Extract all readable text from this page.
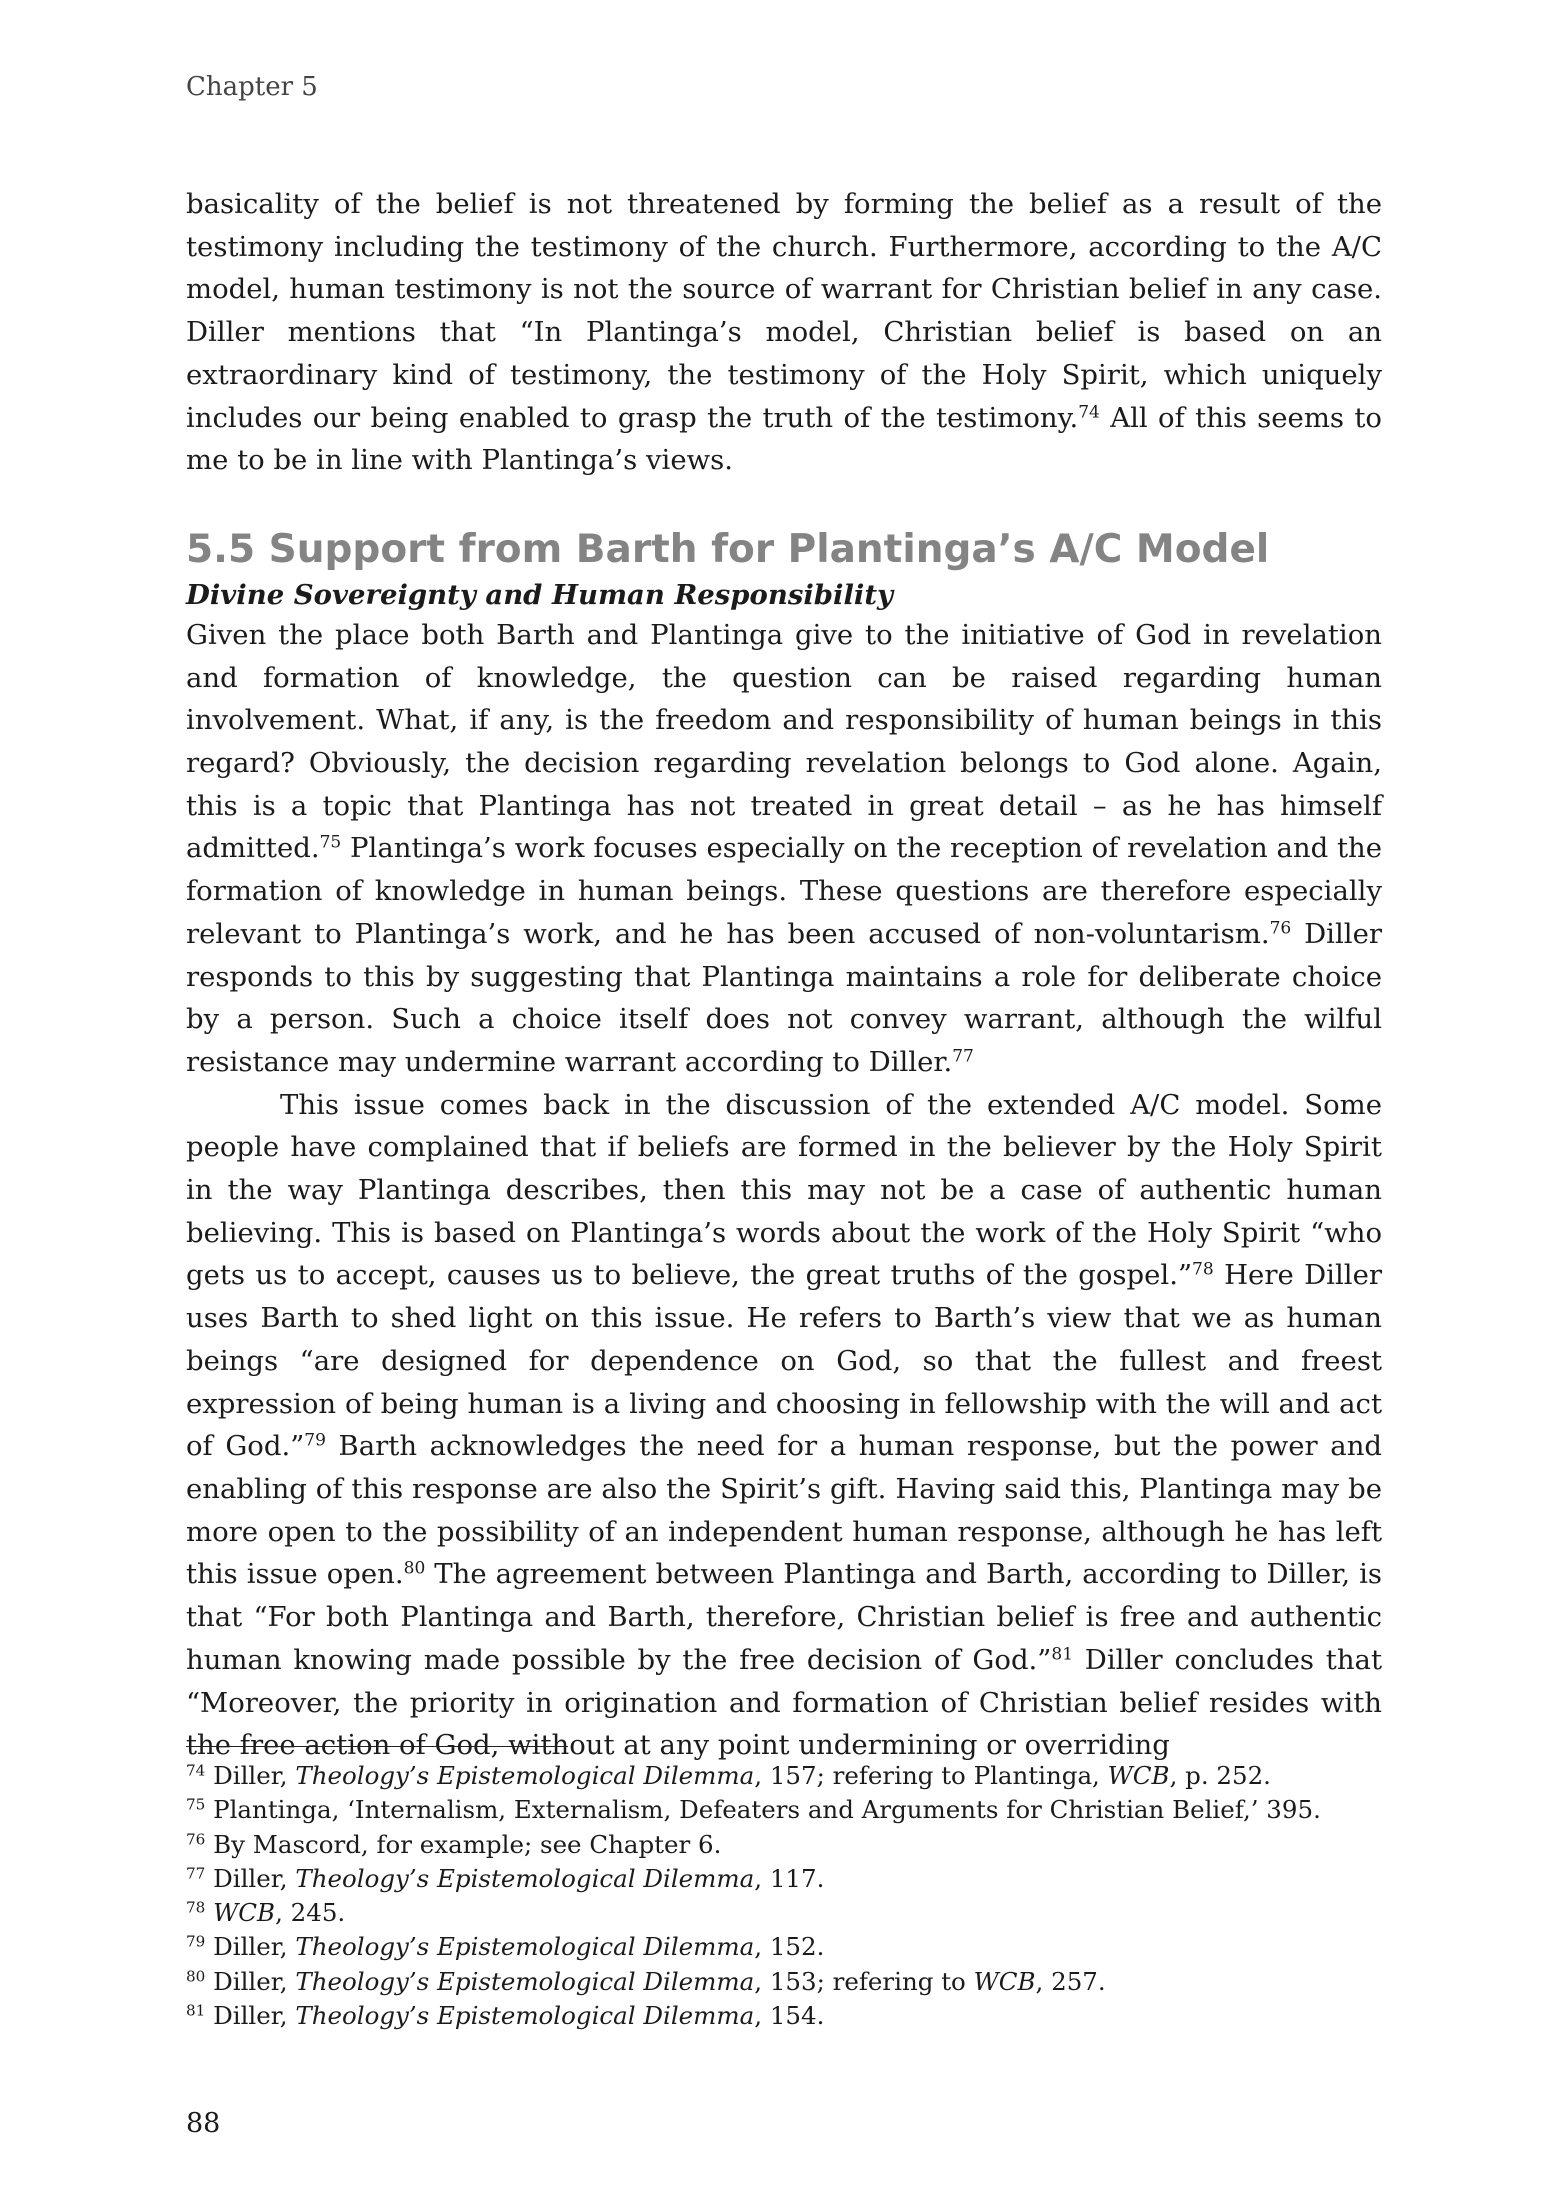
Chapter 5

basicality of the belief is not threatened by forming the belief as a result of the testimony including the testimony of the church. Furthermore, according to the A/C model, human testimony is not the source of warrant for Christian belief in any case. Diller mentions that “In Plantinga’s model, Christian belief is based on an extraordinary kind of testimony, the testimony of the Holy Spirit, which uniquely includes our being enabled to grasp the truth of the testimony.$^{74}$ All of this seems to me to be in line with Plantinga’s views.

5.5 Support from Barth for Plantinga’s A/C Model
Divine Sovereignty and Human Responsibility

Given the place both Barth and Plantinga give to the initiative of God in revelation and formation of knowledge, the question can be raised regarding human involvement. What, if any, is the freedom and responsibility of human beings in this regard? Obviously, the decision regarding revelation belongs to God alone. Again, this is a topic that Plantinga has not treated in great detail – as he has himself admitted.$^{75}$ Plantinga’s work focuses especially on the reception of revelation and the formation of knowledge in human beings. These questions are therefore especially relevant to Plantinga’s work, and he has been accused of non-voluntarism.$^{76}$ Diller responds to this by suggesting that Plantinga maintains a role for deliberate choice by a person. Such a choice itself does not convey warrant, although the wilful resistance may undermine warrant according to Diller.$^{77}$

This issue comes back in the discussion of the extended A/C model. Some people have complained that if beliefs are formed in the believer by the Holy Spirit in the way Plantinga describes, then this may not be a case of authentic human believing. This is based on Plantinga’s words about the work of the Holy Spirit “who gets us to accept, causes us to believe, the great truths of the gospel.”$^{78}$ Here Diller uses Barth to shed light on this issue. He refers to Barth’s view that we as human beings “are designed for dependence on God, so that the fullest and freest expression of being human is a living and choosing in fellowship with the will and act of God.”$^{79}$ Barth acknowledges the need for a human response, but the power and enabling of this response are also the Spirit’s gift. Having said this, Plantinga may be more open to the possibility of an independent human response, although he has left this issue open.$^{80}$ The agreement between Plantinga and Barth, according to Diller, is that “For both Plantinga and Barth, therefore, Christian belief is free and authentic human knowing made possible by the free decision of God.”$^{81}$ Diller concludes that “Moreover, the priority in origination and formation of Christian belief resides with the free action of God, without at any point undermining or overriding

$^{74}$ Diller, Theology’s Epistemological Dilemma, 157; refering to Plantinga, WCB, p. 252.
$^{75}$ Plantinga, ‘Internalism, Externalism, Defeaters and Arguments for Christian Belief,’ 395.
$^{76}$ By Mascord, for example; see Chapter 6.
$^{77}$ Diller, Theology’s Epistemological Dilemma, 117.
$^{78}$ WCB, 245.
$^{79}$ Diller, Theology’s Epistemological Dilemma, 152.
$^{80}$ Diller, Theology’s Epistemological Dilemma, 153; refering to WCB, 257.
$^{81}$ Diller, Theology’s Epistemological Dilemma, 154.
88
